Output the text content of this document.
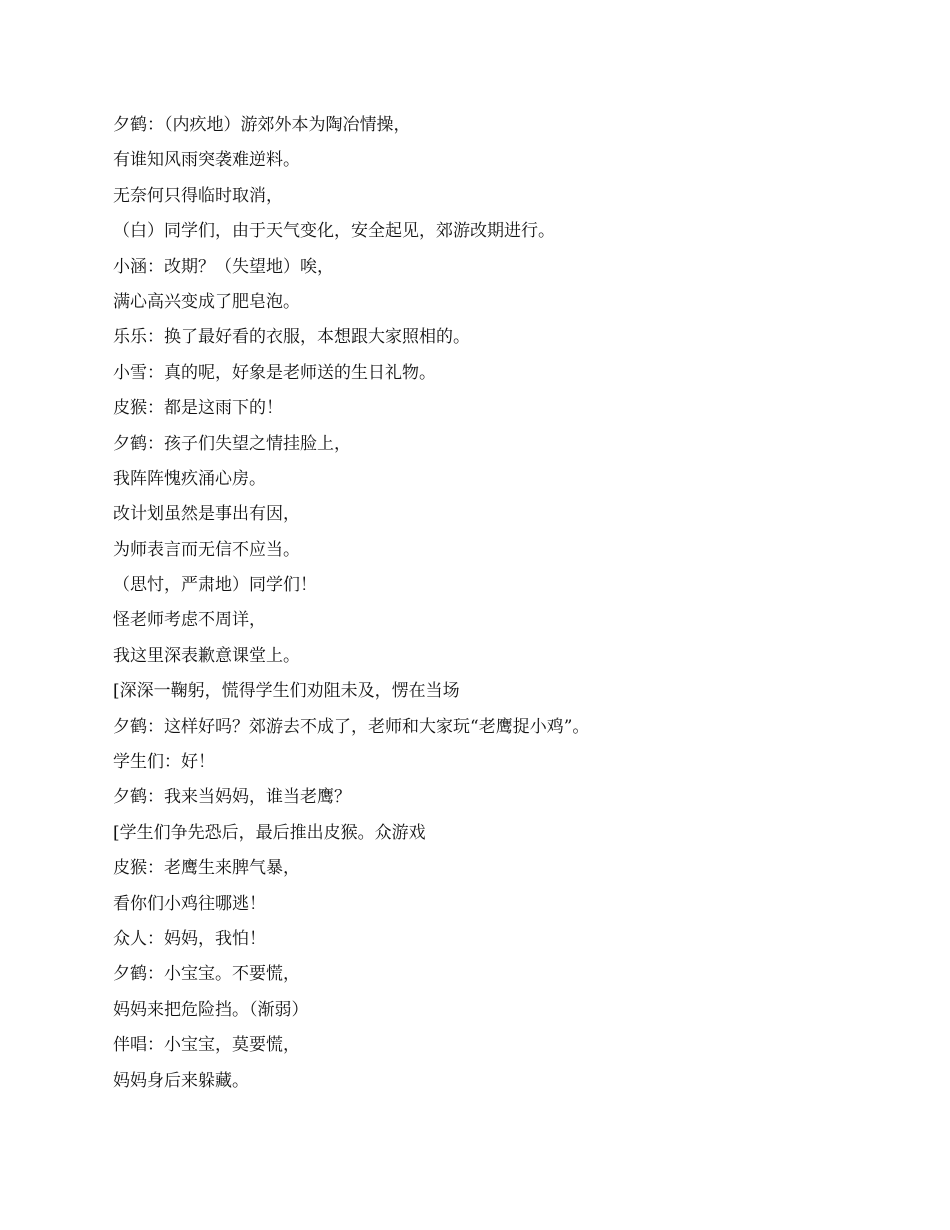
夕鹤：（内疚地）游郊外本为陶冶情操，

有谁知风雨突袭难逆料。

无奈何只得临时取消，

（白）同学们，由于天气变化，安全起见，郊游改期进行。

小涵：改期？（失望地）唉，

满心高兴变成了肥皂泡。

乐乐：换了最好看的衣服，本想跟大家照相的。

小雪：真的呢，好象是老师送的生日礼物。

皮猴：都是这雨下的！

夕鹤：孩子们失望之情挂脸上，

我阵阵愧疚涌心房。

改计划虽然是事出有因，

为师表言而无信不应当。

（思忖，严肃地）同学们！

怪老师考虑不周详，

我这里深表歉意课堂上。

[深深一鞠躬，慌得学生们劝阻未及，愣在当场

夕鹤：这样好吗？郊游去不成了，老师和大家玩“老鹰捉小鸡”。

学生们：好！

夕鹤：我来当妈妈，谁当老鹰？

[学生们争先恐后，最后推出皮猴。众游戏

皮猴：老鹰生来脾气暴，

看你们小鸡往哪逃！

众人：妈妈，我怕！

夕鹤：小宝宝。不要慌，

妈妈来把危险挡。（渐弱）

伴唱：小宝宝，莫要慌，

妈妈身后来躲藏。
